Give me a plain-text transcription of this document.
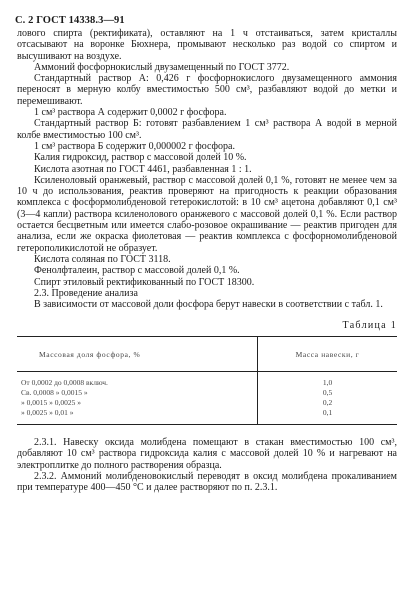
С. 2 ГОСТ 14338.3—91

лового спирта (ректификата), оставляют на 1 ч отстаиваться, затем кристаллы отсасывают на воронке Бюхнера, промывают несколько раз водой со спиртом и высушивают на воздухе.

Аммоний фосфорнокислый двузамещенный по ГОСТ 3772.

Стандартный раствор А: 0,426 г фосфорнокислого двузамещенного аммония переносят в мерную колбу вместимостью 500 см³, разбавляют водой до метки и перемешивают.

1 см³ раствора А содержит 0,0002 г фосфора.

Стандартный раствор Б: готовят разбавлением 1 см³ раствора А водой в мерной колбе вместимостью 100 см³.

1 см³ раствора Б содержит 0,000002 г фосфора.

Калия гидроксид, раствор с массовой долей 10 %.

Кислота азотная по ГОСТ 4461, разбавленная 1 : 1.

Ксиленоловый оранжевый, раствор с массовой долей 0,1 %, готовят не менее чем за 10 ч до использования, реактив проверяют на пригодность к реакции образования комплекса с фосформолибденовой гетерокислотой: в 10 см³ ацетона добавляют 0,1 см³ (3—4 капли) раствора ксиленолового оранжевого с массовой долей 0,1 %. Если раствор остается бесцветным или имеется слабо-розовое окрашивание — реактив пригоден для анализа, если же окраска фиолетовая — реактив комплекса с фосфорномолибденовой гетерополикислотой не образует.

Кислота соляная по ГОСТ 3118.

Фенолфталеин, раствор с массовой долей 0,1 %.

Спирт этиловый ректификованный по ГОСТ 18300.

2.3. Проведение анализа

В зависимости от массовой доли фосфора берут навески в соответствии с табл. 1.

Таблица 1
Массовая доля фосфора, %	Масса навески, г
От 0,0002 до 0,0008 включ.	1,0
Св. 0,0008 » 0,0015 »	0,5
» 0,0015 » 0,0025 »	0,2
» 0,0025 » 0,01 »	0,1

2.3.1. Навеску оксида молибдена помещают в стакан вместимостью 100 см³, добавляют 10 см³ раствора гидроксида калия с массовой долей 10 % и нагревают на электроплитке до полного растворения образца.

2.3.2. Аммоний молибденовокислый переводят в оксид молибдена прокаливанием при температуре 400—450 °C и далее растворяют по п. 2.3.1.
